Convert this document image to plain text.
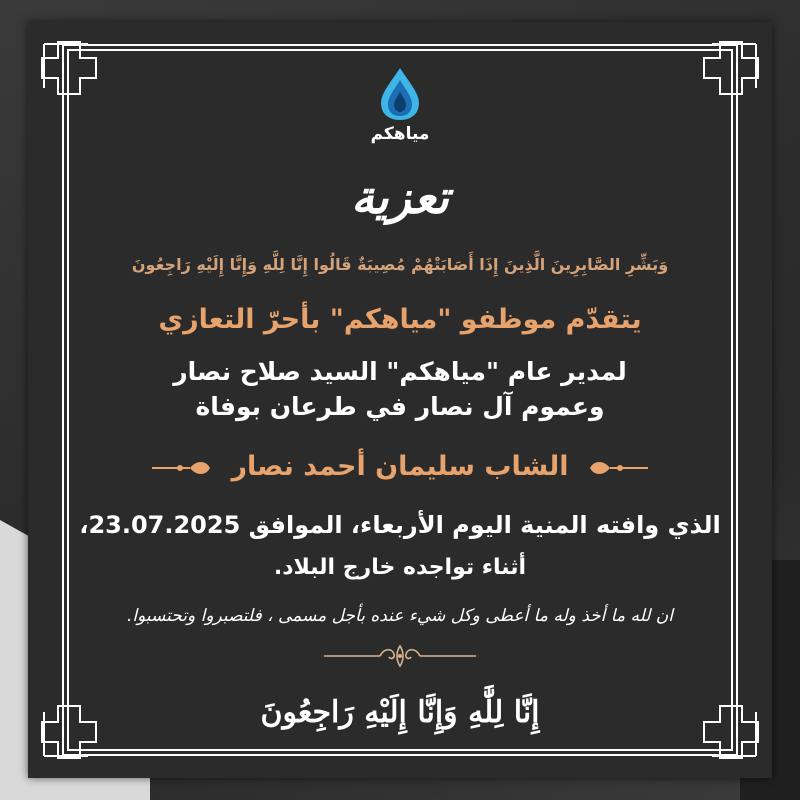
مياهكم
تعزية
وَبَشِّرِ الصَّابِرِينَ الَّذِينَ إِذَا أَصَابَتْهُمْ مُصِيبَةٌ قَالُوا إِنَّا لِلَّهِ وَإِنَّا إِلَيْهِ رَاجِعُونَ
يتقدّم موظفو "مياهكم" بأحرّ التعازي
لمدير عام "مياهكم" السيد صلاح نصار
وعموم آل نصار في طرعان بوفاة
الشاب سليمان أحمد نصار
الذي وافته المنية اليوم الأربعاء، الموافق 23.07.2025،
أثناء تواجده خارج البلاد.
ان لله ما أخذ وله ما أعطى وكل شيء عنده بأجل مسمى ، فلتصبروا وتحتسبوا.
إِنَّا لِلَّٰهِ وَإِنَّا إِلَيْهِ رَاجِعُونَ
